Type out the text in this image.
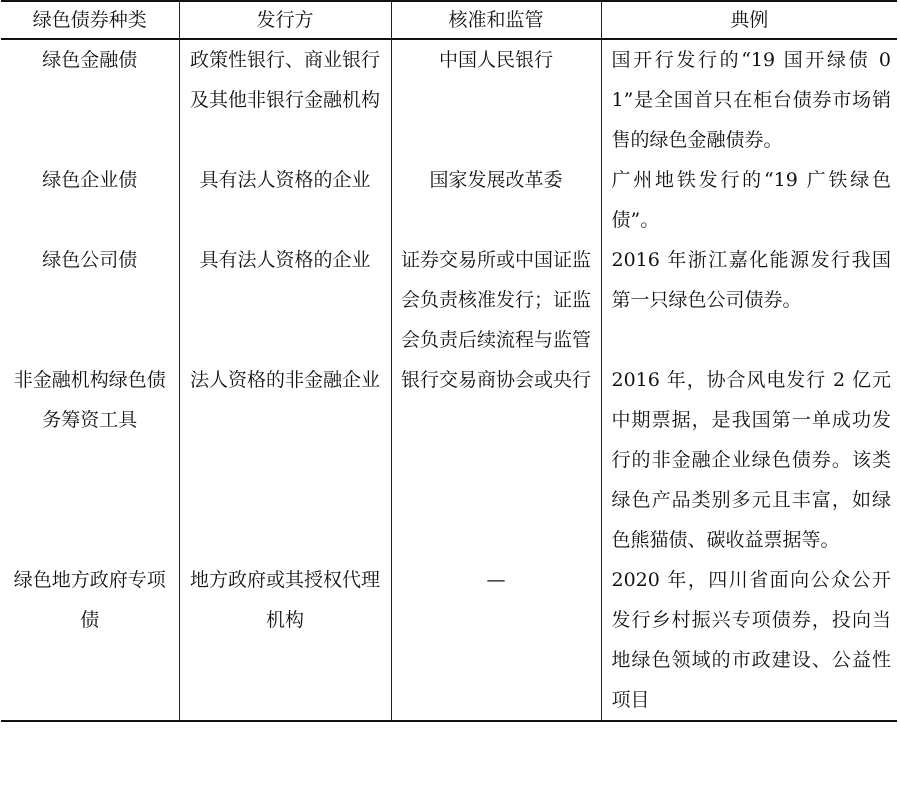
绿色债券种类	发行方	核准和监管	典例
绿色金融债	政策性银行、商业银行及其他非银行金融机构	中国人民银行	国开行发行的“19 国开绿债 01”是全国首只在柜台债券市场销售的绿色金融债券。
绿色企业债	具有法人资格的企业	国家发展改革委	广州地铁发行的“19 广铁绿色债”。
绿色公司债	具有法人资格的企业	证券交易所或中国证监会负责核准发行；证监会负责后续流程与监管	2016 年浙江嘉化能源发行我国第一只绿色公司债券。
非金融机构绿色债务筹资工具	法人资格的非金融企业	银行交易商协会或央行	2016 年，协合风电发行 2 亿元中期票据，是我国第一单成功发行的非金融企业绿色债券。该类绿色产品类别多元且丰富，如绿色熊猫债、碳收益票据等。
绿色地方政府专项债	地方政府或其授权代理机构	—	2020 年，四川省面向公众公开发行乡村振兴专项债券，投向当地绿色领域的市政建设、公益性项目
